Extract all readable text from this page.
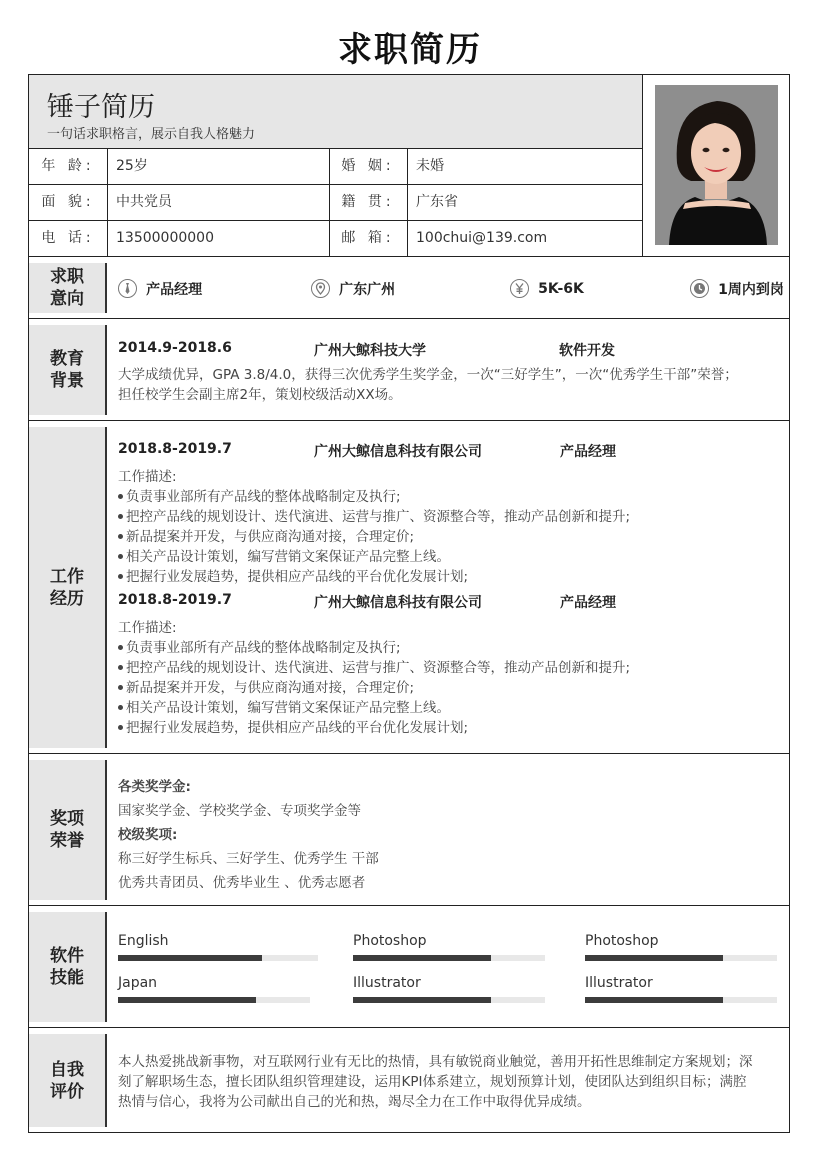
求职简历
锤子简历
一句话求职格言，展示自我人格魅力
年 龄:	25岁	婚 姻:	未婚
面 貌:	中共党员	籍 贯:	广东省
电 话:	13500000000	邮 箱:	100chui@139.com
求职
意向	产品经理	广东广州	5K-6K	1周内到岗
教育
背景
2014.9-2018.6	广州大鲸科技大学	软件开发
大学成绩优异，GPA 3.8/4.0，获得三次优秀学生奖学金，一次“三好学生”，一次“优秀学生干部”荣誉；
担任校学生会副主席2年，策划校级活动XX场。
工作
经历
2018.8-2019.7	广州大鲸信息科技有限公司	产品经理
工作描述:
负责事业部所有产品线的整体战略制定及执行;
把控产品线的规划设计、迭代演进、运营与推广、资源整合等，推动产品创新和提升;
新品提案并开发，与供应商沟通对接，合理定价;
相关产品设计策划，编写营销文案保证产品完整上线。
把握行业发展趋势，提供相应产品线的平台优化发展计划;
2018.8-2019.7	广州大鲸信息科技有限公司	产品经理
工作描述:
负责事业部所有产品线的整体战略制定及执行;
把控产品线的规划设计、迭代演进、运营与推广、资源整合等，推动产品创新和提升;
新品提案并开发，与供应商沟通对接，合理定价;
相关产品设计策划，编写营销文案保证产品完整上线。
把握行业发展趋势，提供相应产品线的平台优化发展计划;
奖项
荣誉
各类奖学金:
国家奖学金、学校奖学金、专项奖学金等
校级奖项:
称三好学生标兵、三好学生、优秀学生 干部
优秀共青团员、优秀毕业生 、优秀志愿者
软件
技能
English	Photoshop	Photoshop
Japan	Illustrator	Illustrator
自我
评价
本人热爱挑战新事物，对互联网行业有无比的热情，具有敏锐商业触觉，善用开拓性思维制定方案规划；深
刻了解职场生态，擅长团队组织管理建设，运用KPI体系建立，规划预算计划，使团队达到组织目标；满腔
热情与信心，我将为公司献出自己的光和热，竭尽全力在工作中取得优异成绩。
